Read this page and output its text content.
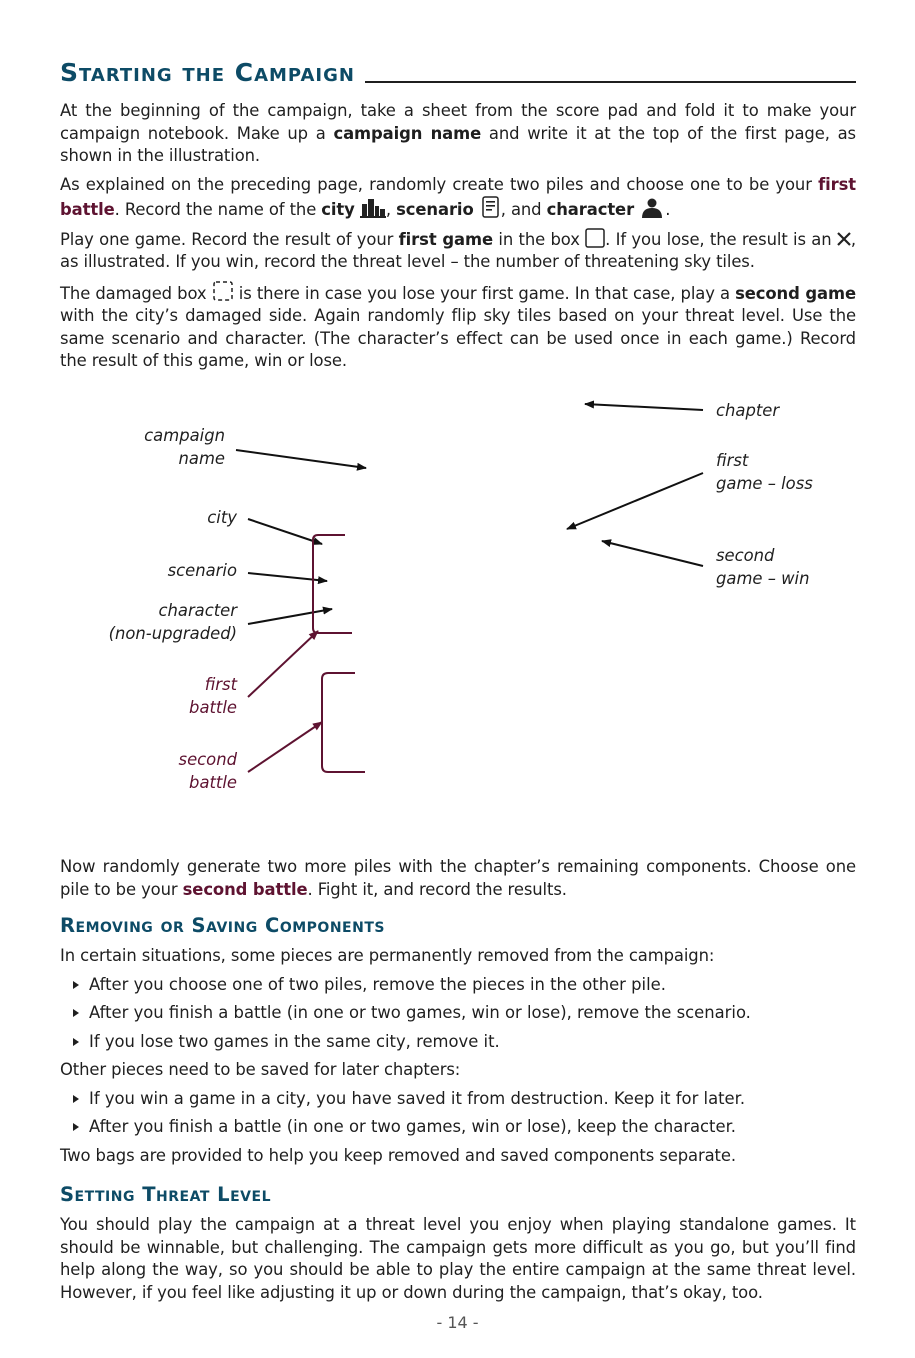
Starting the Campaign

At the beginning of the campaign, take a sheet from the score pad and fold it to make your campaign notebook. Make up a campaign name and write it at the top of the first page, as shown in the illustration.

As explained on the preceding page, randomly create two piles and choose one to be your first battle. Record the name of the city , scenario , and character .

Play one game. Record the result of your first game in the box . If you lose, the result is an , as illustrated. If you win, record the threat level – the number of threatening sky tiles.

The damaged box  is there in case you lose your first game. In that case, play a second game with the city’s damaged side. Again randomly flip sky tiles based on your threat level. Use the same scenario and character. (The character’s effect can be used once in each game.) Record the result of this game, win or lose.

campaign
name
city
scenario
character
(non-upgraded)
first
battle
second
battle
chapter
first
game – loss
second
game – win

Now randomly generate two more piles with the chapter’s remaining components. Choose one pile to be your second battle. Fight it, and record the results.

Removing or Saving Components

In certain situations, some pieces are permanently removed from the campaign:

After you choose one of two piles, remove the pieces in the other pile.
After you finish a battle (in one or two games, win or lose), remove the scenario.
If you lose two games in the same city, remove it.

Other pieces need to be saved for later chapters:

If you win a game in a city, you have saved it from destruction. Keep it for later.
After you finish a battle (in one or two games, win or lose), keep the character.

Two bags are provided to help you keep removed and saved components separate.

Setting Threat Level

You should play the campaign at a threat level you enjoy when playing standalone games. It should be winnable, but challenging. The campaign gets more difficult as you go, but you’ll find help along the way, so you should be able to play the entire campaign at the same threat level. However, if you feel like adjusting it up or down during the campaign, that’s okay, too.

- 14 -
